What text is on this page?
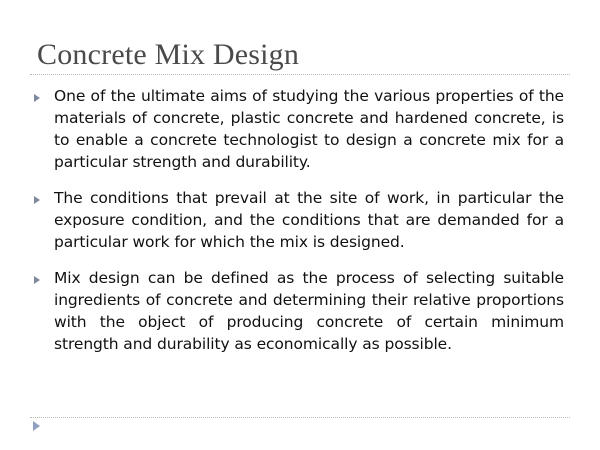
Concrete Mix Design
One of the ultimate aims of studying the various properties of the materials of concrete, plastic concrete and hardened concrete, is to enable a concrete technologist to design a concrete mix for a particular strength and durability.
The conditions that prevail at the site of work, in particular the exposure condition, and the conditions that are demanded for a particular work for which the mix is designed.
Mix design can be defined as the process of selecting suitable ingredients of concrete and determining their relative proportions with the object of producing concrete of certain minimum strength and durability as economically as possible.
